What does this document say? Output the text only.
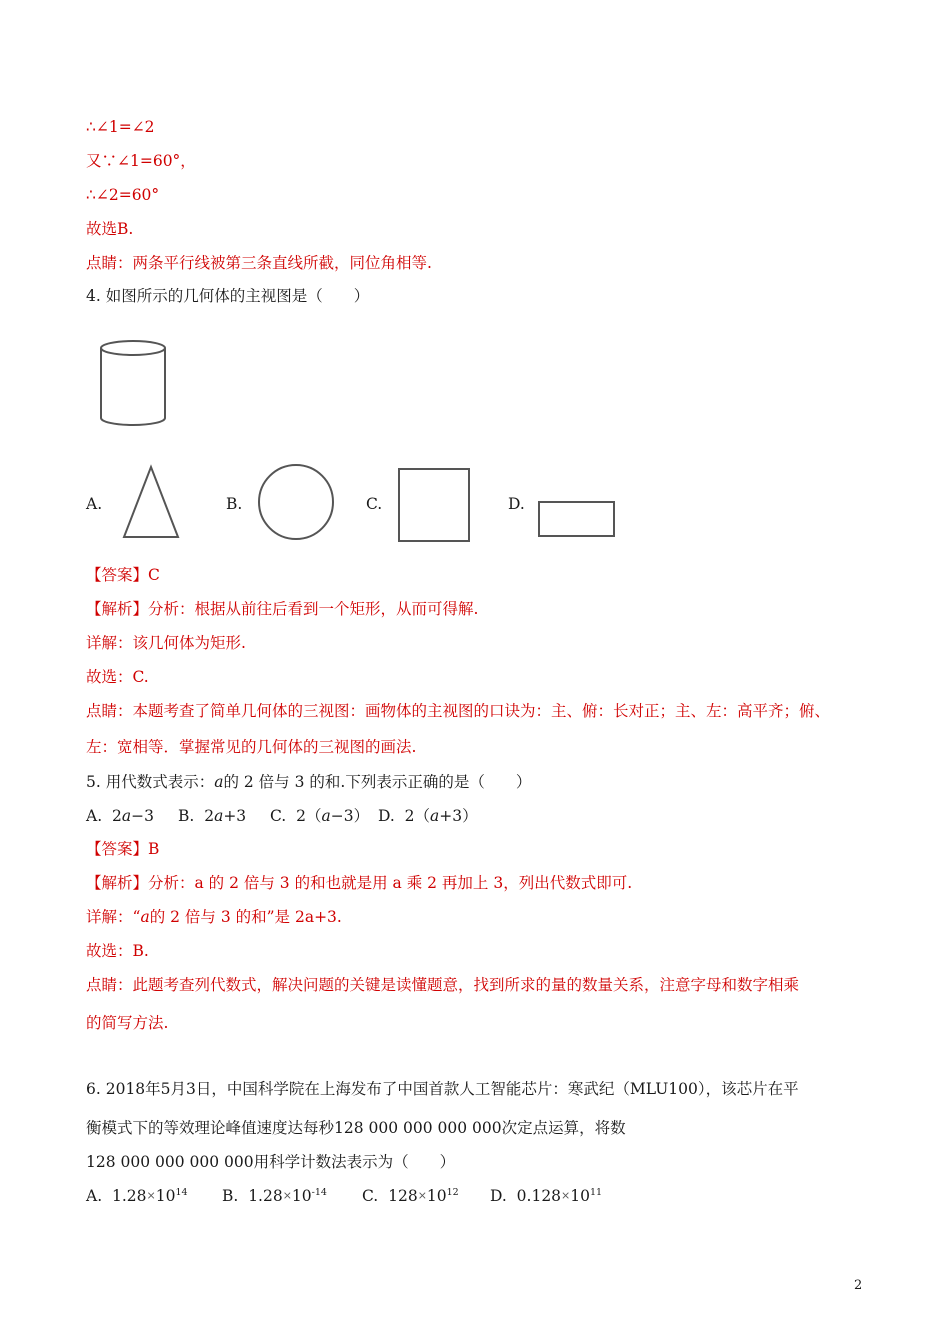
∴∠1=∠2
又∵∠1=60°，
∴∠2=60°
故选B.
点睛：两条平行线被第三条直线所截，同位角相等.
4. 如图所示的几何体的主视图是（　　）
A.	B.	C.	D.
【答案】C
【解析】分析：根据从前往后看到一个矩形，从而可得解.
详解：该几何体为矩形.
故选：C.
点睛：本题考查了简单几何体的三视图：画物体的主视图的口诀为：主、俯：长对正；主、左：高平齐；俯、
左：宽相等．掌握常见的几何体的三视图的画法.
5. 用代数式表示：a的 2 倍与 3 的和.下列表示正确的是（　　）
A. 2a−3 B. 2a+3 C. 2（a−3） D. 2（a+3）
【答案】B
【解析】分析：a 的 2 倍与 3 的和也就是用 a 乘 2 再加上 3，列出代数式即可.
详解：“a的 2 倍与 3 的和”是 2a+3.
故选：B.
点睛：此题考查列代数式，解决问题的关键是读懂题意，找到所求的量的数量关系，注意字母和数字相乘
的简写方法.
6. 2018年5月3日，中国科学院在上海发布了中国首款人工智能芯片：寒武纪（MLU100），该芯片在平
衡模式下的等效理论峰值速度达每秒128 000 000 000 000次定点运算，将数
128 000 000 000 000用科学计数法表示为（　　）
A. $1.28\times 10^{14}$ B. $1.28\times 10^{-14}$ C. $128\times 10^{12}$ D. $0.128\times 10^{11}$
2
